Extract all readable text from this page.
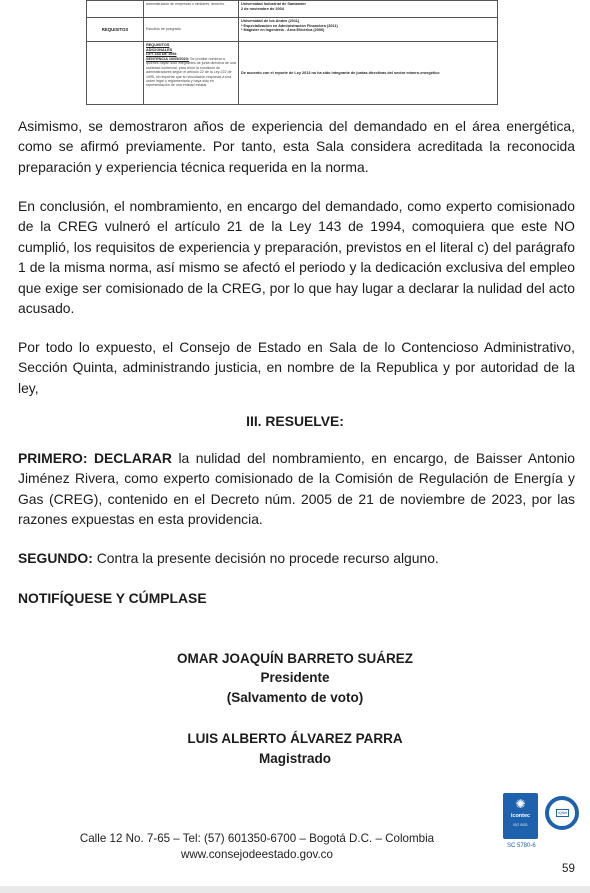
	administración de empresas o similares, derecho.	Universidad Industrial de Santander
2 de noviembre de 2004

REQUISITOS	Estudios de posgrado	Universidad de los Andes (2011)
* Especialización en Administración Financiera (2011)
* Magister en Ingeniería - Área Eléctrica (2006)

	REQUISITOS
ADICIONALES
LEY 143 DE 1994
SENTENCIA 10/05/2023: Se prohibe nombrar a quienes hayan sido integrantes de junta directiva de una sociedad comercial, para tener la condición de administradores según el artículo 22 de la Ley 222 de 1995, sin importar que su vinculación responda a una orden legal o reglamentaria y haya sido en representación de una entidad estatal.	De acuerdo con el reporte de Ley 2013 no ha sido integrante de juntas directivas del sector minero-energético

Asimismo, se demostraron años de experiencia del demandado en el área energética, como se afirmó previamente. Por tanto, esta Sala considera acreditada la reconocida preparación y experiencia técnica requerida en la norma.

En conclusión, el nombramiento, en encargo del demandado, como experto comisionado de la CREG vulneró el artículo 21 de la Ley 143 de 1994, comoquiera que este NO cumplió, los requisitos de experiencia y preparación, previstos en el literal c) del parágrafo 1 de la misma norma, así mismo se afectó el periodo y la dedicación exclusiva del empleo que exige ser comisionado de la CREG, por lo que hay lugar a declarar la nulidad del acto acusado.

Por todo lo expuesto, el Consejo de Estado en Sala de lo Contencioso Administrativo, Sección Quinta, administrando justicia, en nombre de la Republica y por autoridad de la ley,

III. RESUELVE:

PRIMERO: DECLARAR la nulidad del nombramiento, en encargo, de Baisser Antonio Jiménez Rivera, como experto comisionado de la Comisión de Regulación de Energía y Gas (CREG), contenido en el Decreto núm. 2005 de 21 de noviembre de 2023, por las razones expuestas en esta providencia.

SEGUNDO: Contra la presente decisión no procede recurso alguno.

NOTIFÍQUESE Y CÚMPLASE
OMAR JOAQUÍN BARRETO SUÁREZ
Presidente
(Salvamento de voto)
LUIS ALBERTO ÁLVAREZ PARRA
Magistrado
✺
icontec
ISO 9001
IQNet
SC 5780-6
Calle 12 No. 7-65 – Tel: (57) 601350-6700 – Bogotá D.C. – Colombia
www.consejodeestado.gov.co
59
